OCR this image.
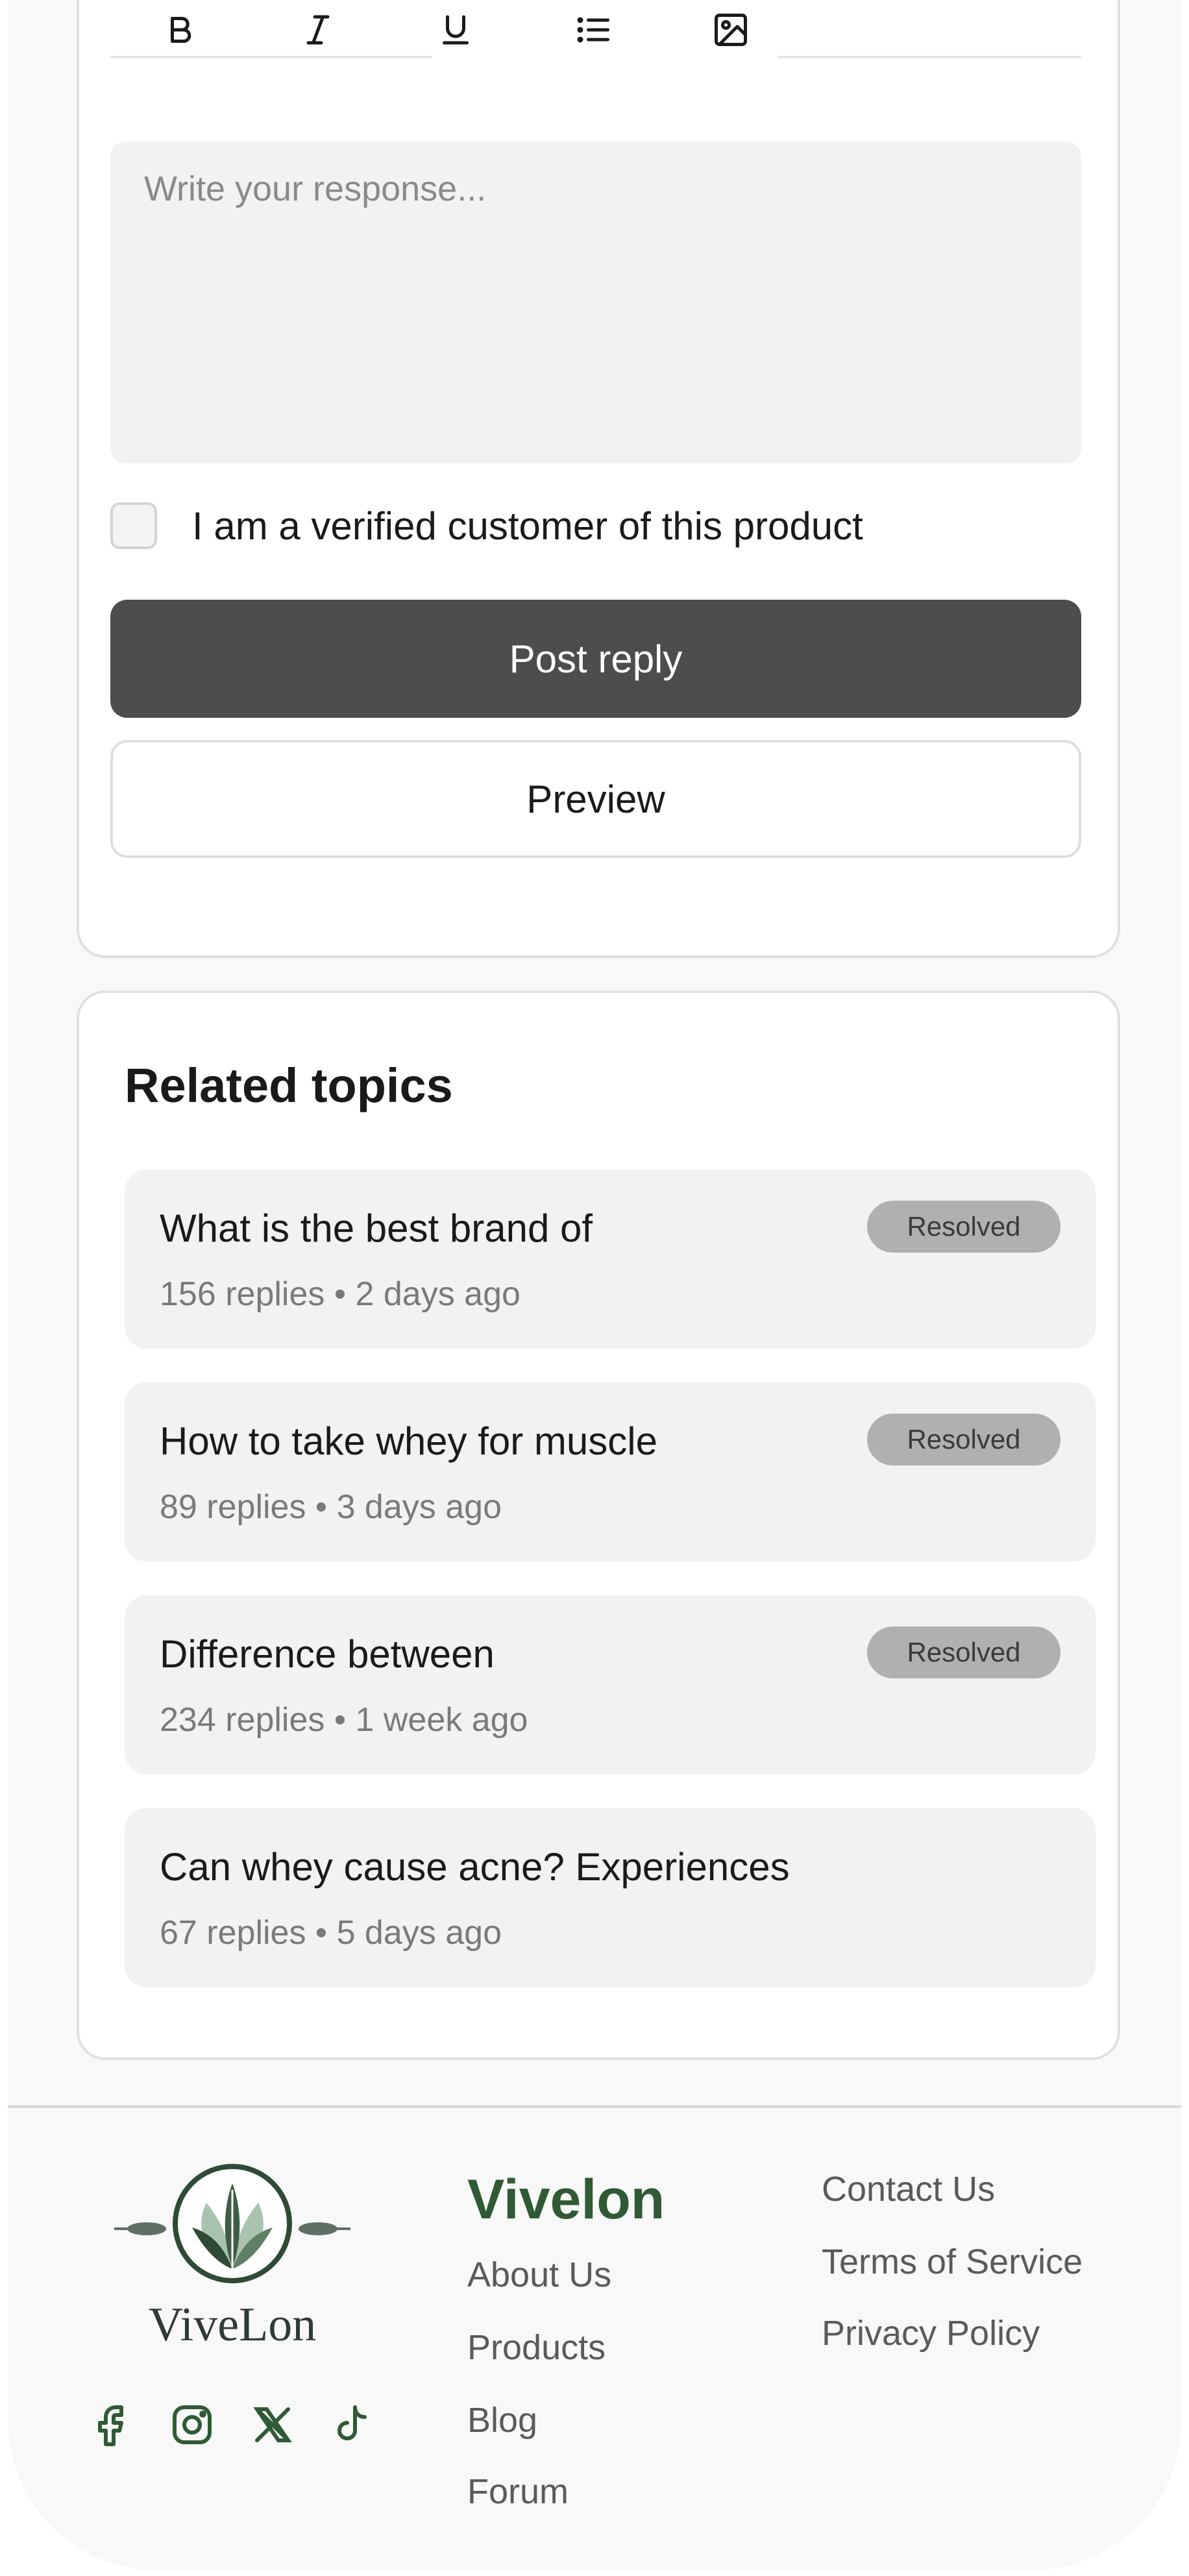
Write your response...
I am a verified customer of this product
Post reply
Preview
Related topics
What is the best brand of
156 replies • 2 days ago
Resolved
How to take whey for muscle
89 replies • 3 days ago
Resolved
Difference between
234 replies • 1 week ago
Resolved
Can whey cause acne? Experiences
67 replies • 5 days ago
ViveLon
Vivelon
About Us
Products
Blog
Forum
Contact Us
Terms of Service
Privacy Policy
